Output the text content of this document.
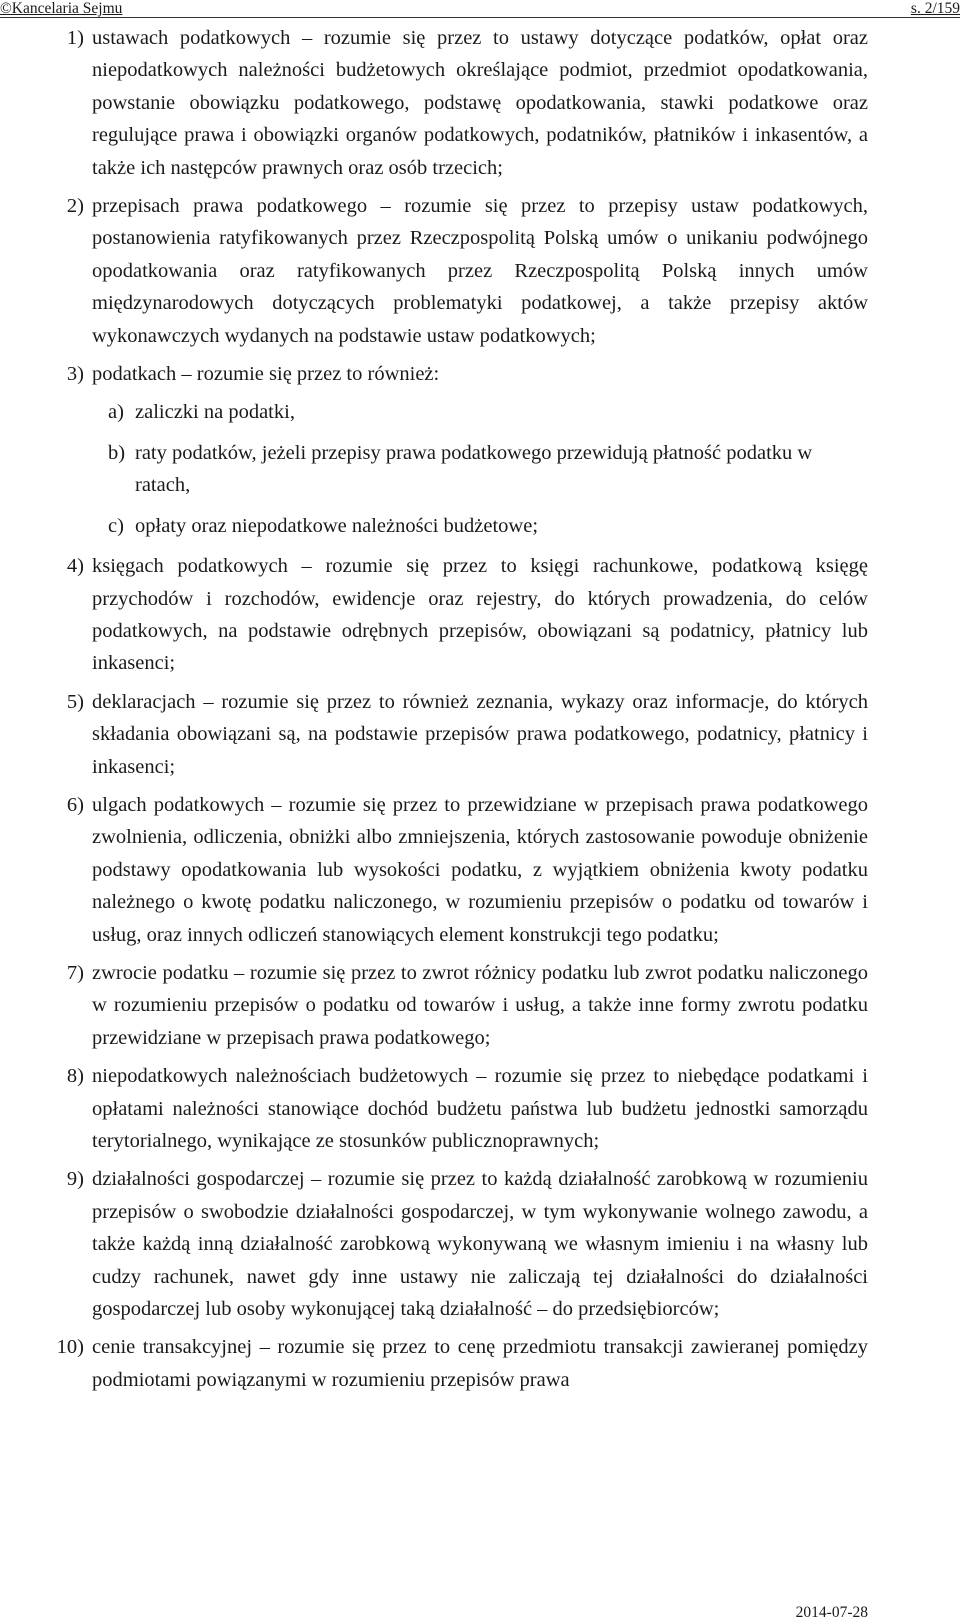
©Kancelaria Sejmu	s. 2/159
1) ustawach podatkowych – rozumie się przez to ustawy dotyczące podatków, opłat oraz niepodatkowych należności budżetowych określające podmiot, przedmiot opodatkowania, powstanie obowiązku podatkowego, podstawę opodatkowania, stawki podatkowe oraz regulujące prawa i obowiązki organów podatkowych, podatników, płatników i inkasentów, a także ich następców prawnych oraz osób trzecich;
2) przepisach prawa podatkowego – rozumie się przez to przepisy ustaw podatkowych, postanowienia ratyfikowanych przez Rzeczpospolitą Polską umów o unikaniu podwójnego opodatkowania oraz ratyfikowanych przez Rzeczpospolitą Polską innych umów międzynarodowych dotyczących problematyki podatkowej, a także przepisy aktów wykonawczych wydanych na podstawie ustaw podatkowych;
3) podatkach – rozumie się przez to również:
a) zaliczki na podatki,
b) raty podatków, jeżeli przepisy prawa podatkowego przewidują płatność podatku w ratach,
c) opłaty oraz niepodatkowe należności budżetowe;
4) księgach podatkowych – rozumie się przez to księgi rachunkowe, podatkową księgę przychodów i rozchodów, ewidencje oraz rejestry, do których prowadzenia, do celów podatkowych, na podstawie odrębnych przepisów, obowiązani są podatnicy, płatnicy lub inkasenci;
5) deklaracjach – rozumie się przez to również zeznania, wykazy oraz informacje, do których składania obowiązani są, na podstawie przepisów prawa podatkowego, podatnicy, płatnicy i inkasenci;
6) ulgach podatkowych – rozumie się przez to przewidziane w przepisach prawa podatkowego zwolnienia, odliczenia, obniżki albo zmniejszenia, których zastosowanie powoduje obniżenie podstawy opodatkowania lub wysokości podatku, z wyjątkiem obniżenia kwoty podatku należnego o kwotę podatku naliczonego, w rozumieniu przepisów o podatku od towarów i usług, oraz innych odliczeń stanowiących element konstrukcji tego podatku;
7) zwrocie podatku – rozumie się przez to zwrot różnicy podatku lub zwrot podatku naliczonego w rozumieniu przepisów o podatku od towarów i usług, a także inne formy zwrotu podatku przewidziane w przepisach prawa podatkowego;
8) niepodatkowych należnościach budżetowych – rozumie się przez to niebędące podatkami i opłatami należności stanowiące dochód budżetu państwa lub budżetu jednostki samorządu terytorialnego, wynikające ze stosunków publicznoprawnych;
9) działalności gospodarczej – rozumie się przez to każdą działalność zarobkową w rozumieniu przepisów o swobodzie działalności gospodarczej, w tym wykonywanie wolnego zawodu, a także każdą inną działalność zarobkową wykonywaną we własnym imieniu i na własny lub cudzy rachunek, nawet gdy inne ustawy nie zaliczają tej działalności do działalności gospodarczej lub osoby wykonującej taką działalność – do przedsiębiorców;
10) cenie transakcyjnej – rozumie się przez to cenę przedmiotu transakcji zawieranej pomiędzy podmiotami powiązanymi w rozumieniu przepisów prawa
2014-07-28
